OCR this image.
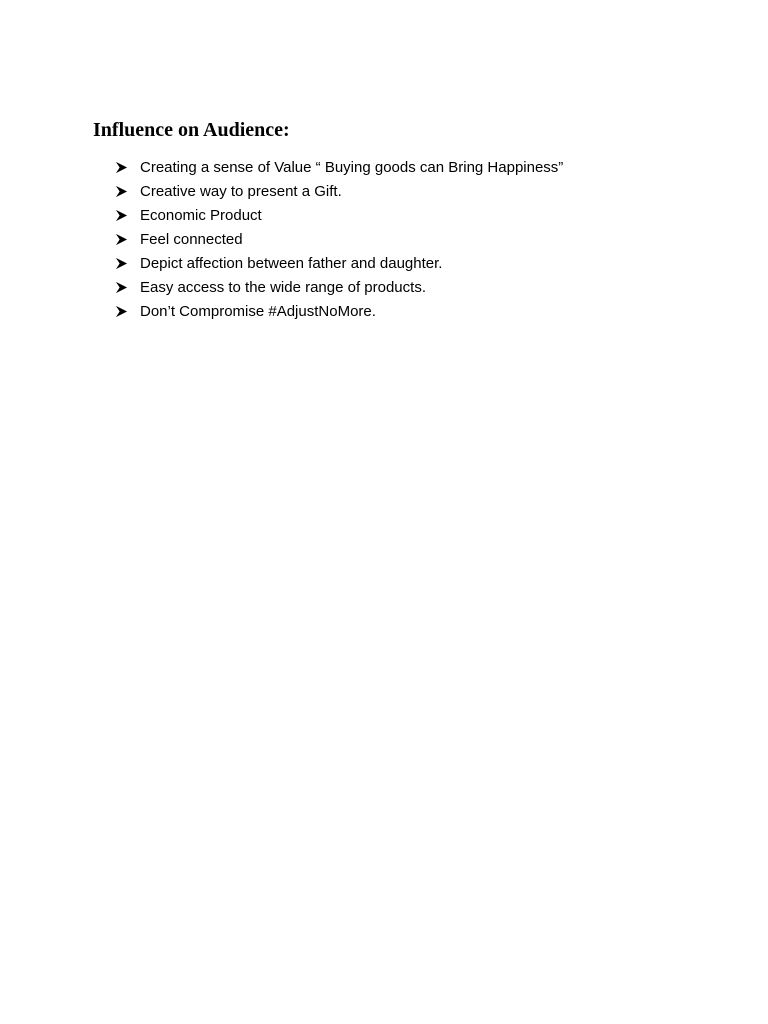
Influence on Audience:
Creating a sense of Value “ Buying goods can Bring Happiness”
Creative way to present a Gift.
Economic Product
Feel connected
Depict affection between father and daughter.
Easy access to the wide range of products.
Don’t Compromise #AdjustNoMore.
